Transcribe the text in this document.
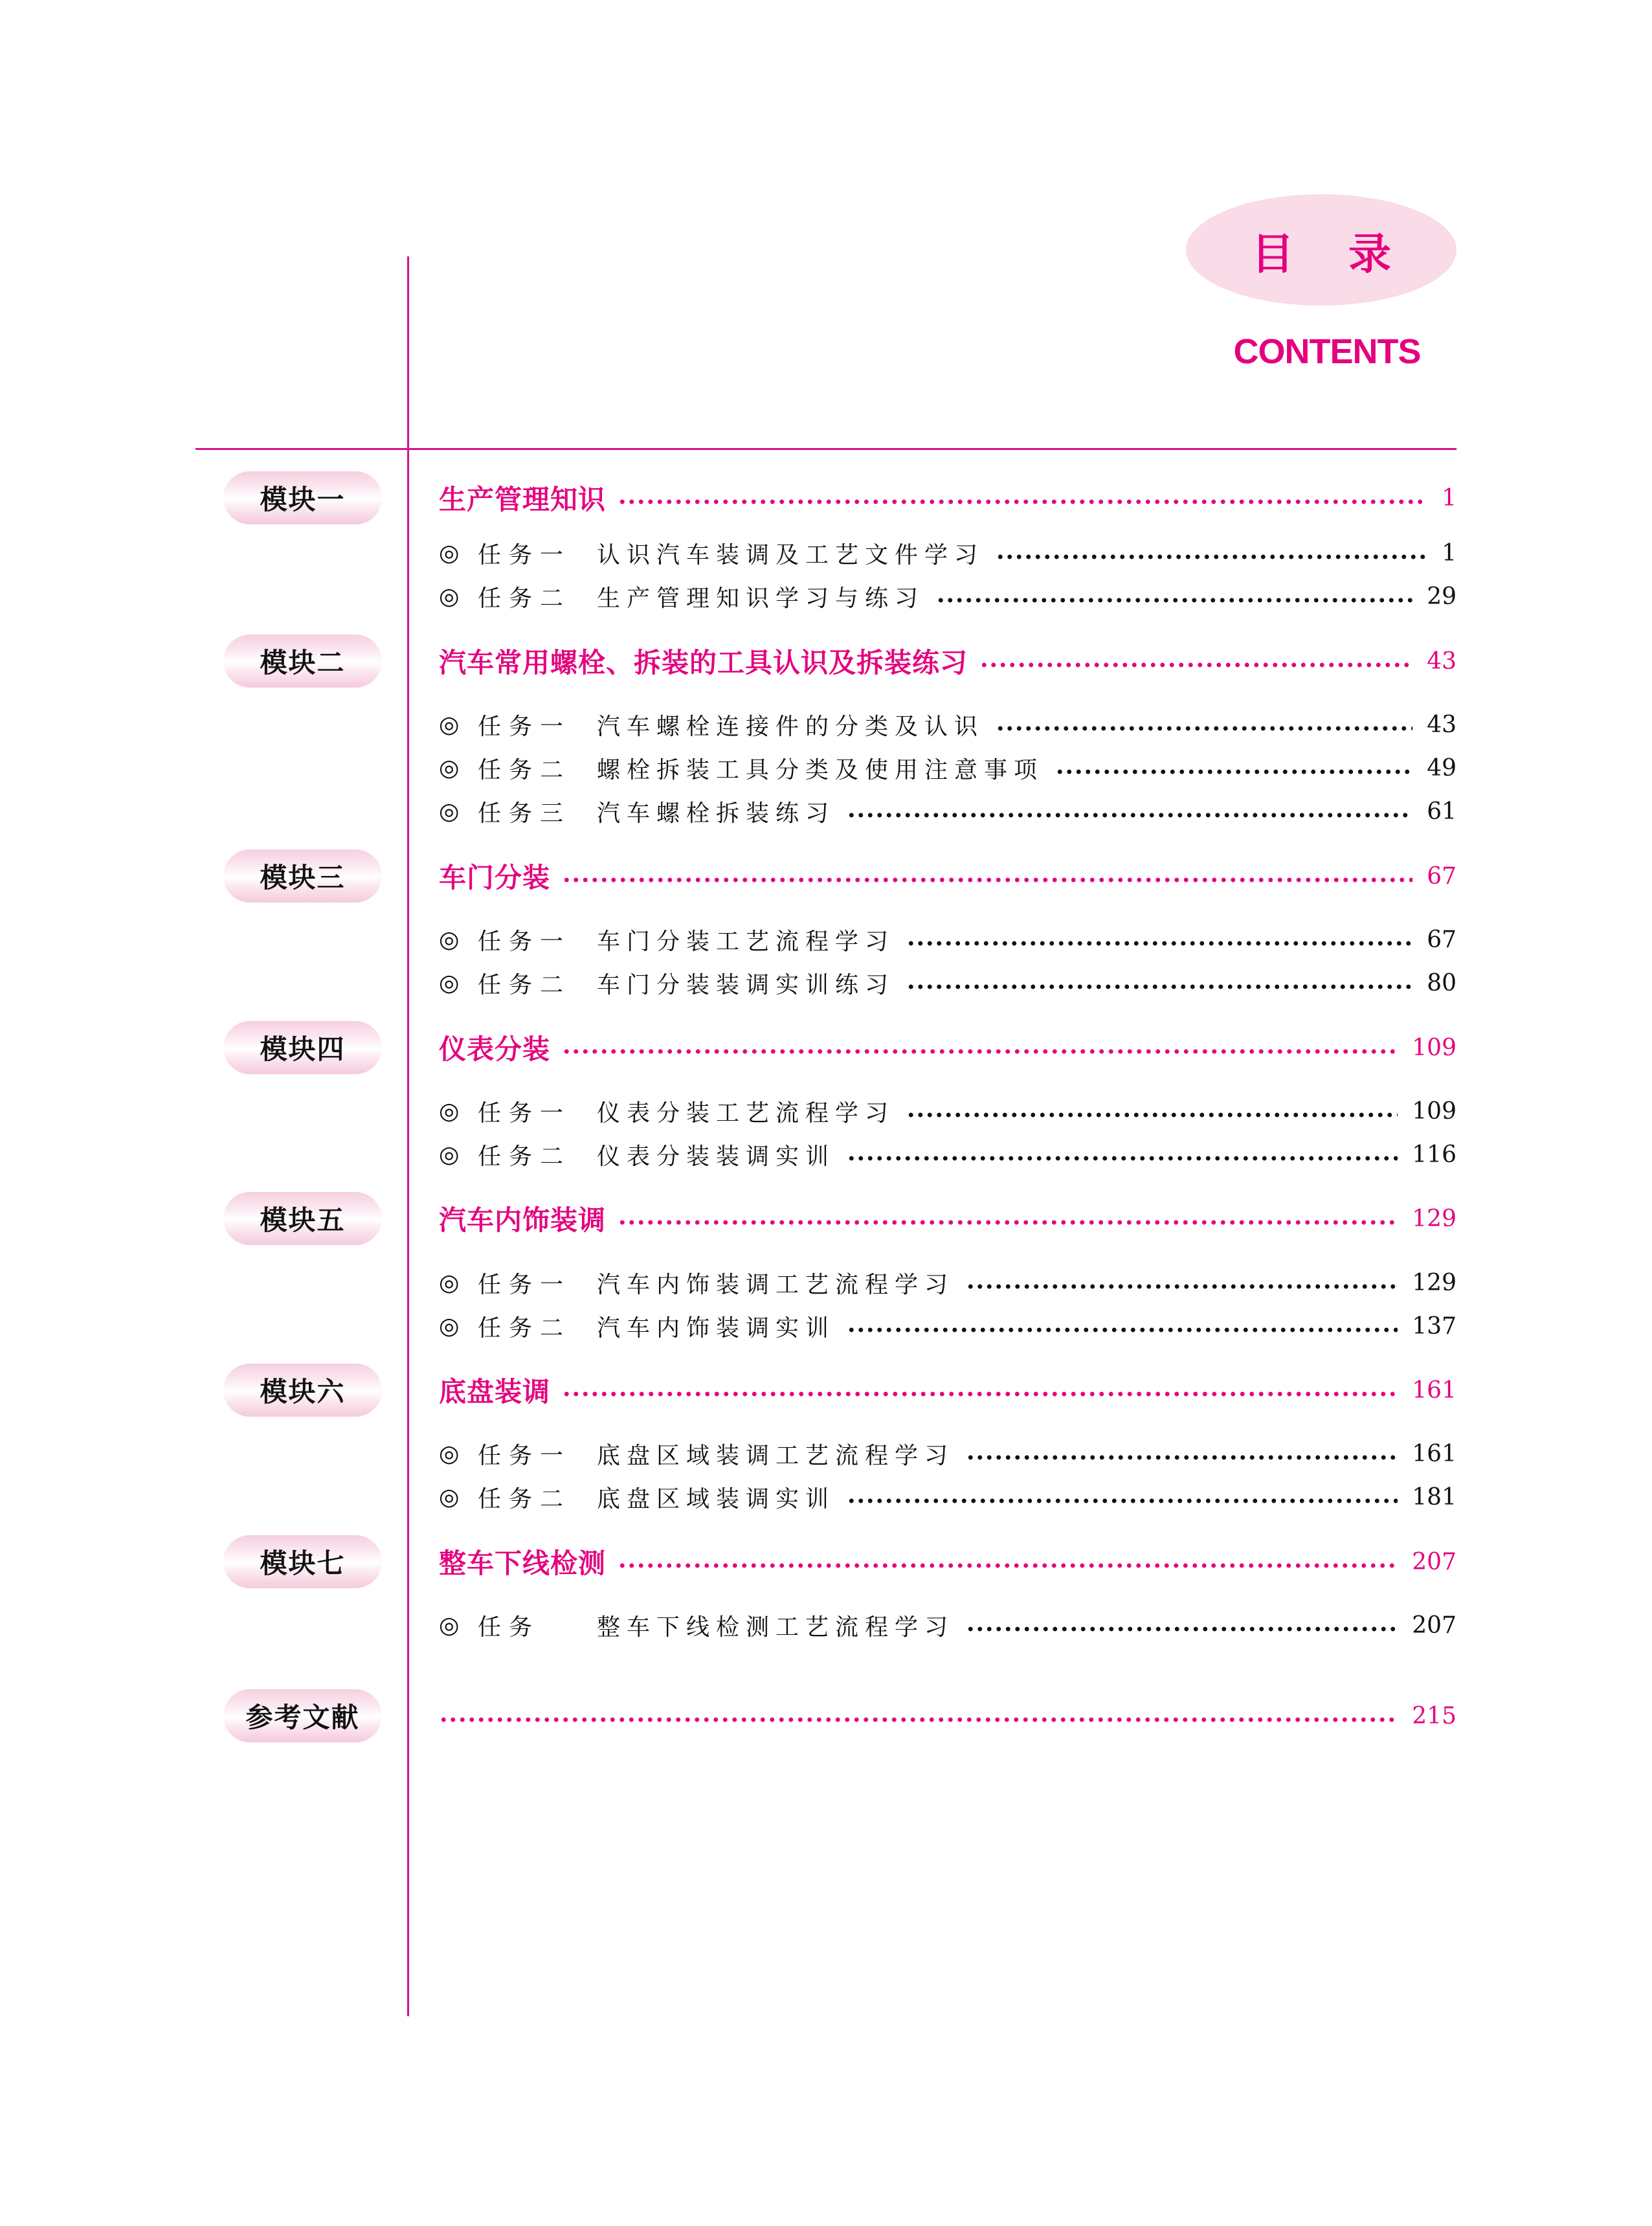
目录
CONTENTS
模块一	生产管理知识	1
◎ 任务一	认识汽车装调及工艺文件学习	1
◎ 任务二	生产管理知识学习与练习	29
模块二	汽车常用螺栓、拆装的工具认识及拆装练习	43
◎ 任务一	汽车螺栓连接件的分类及认识	43
◎ 任务二	螺栓拆装工具分类及使用注意事项	49
◎ 任务三	汽车螺栓拆装练习	61
模块三	车门分装	67
◎ 任务一	车门分装工艺流程学习	67
◎ 任务二	车门分装装调实训练习	80
模块四	仪表分装	109
◎ 任务一	仪表分装工艺流程学习	109
◎ 任务二	仪表分装装调实训	116
模块五	汽车内饰装调	129
◎ 任务一	汽车内饰装调工艺流程学习	129
◎ 任务二	汽车内饰装调实训	137
模块六	底盘装调	161
◎ 任务一	底盘区域装调工艺流程学习	161
◎ 任务二	底盘区域装调实训	181
模块七	整车下线检测	207
◎ 任务	整车下线检测工艺流程学习	207
参考文献	215
